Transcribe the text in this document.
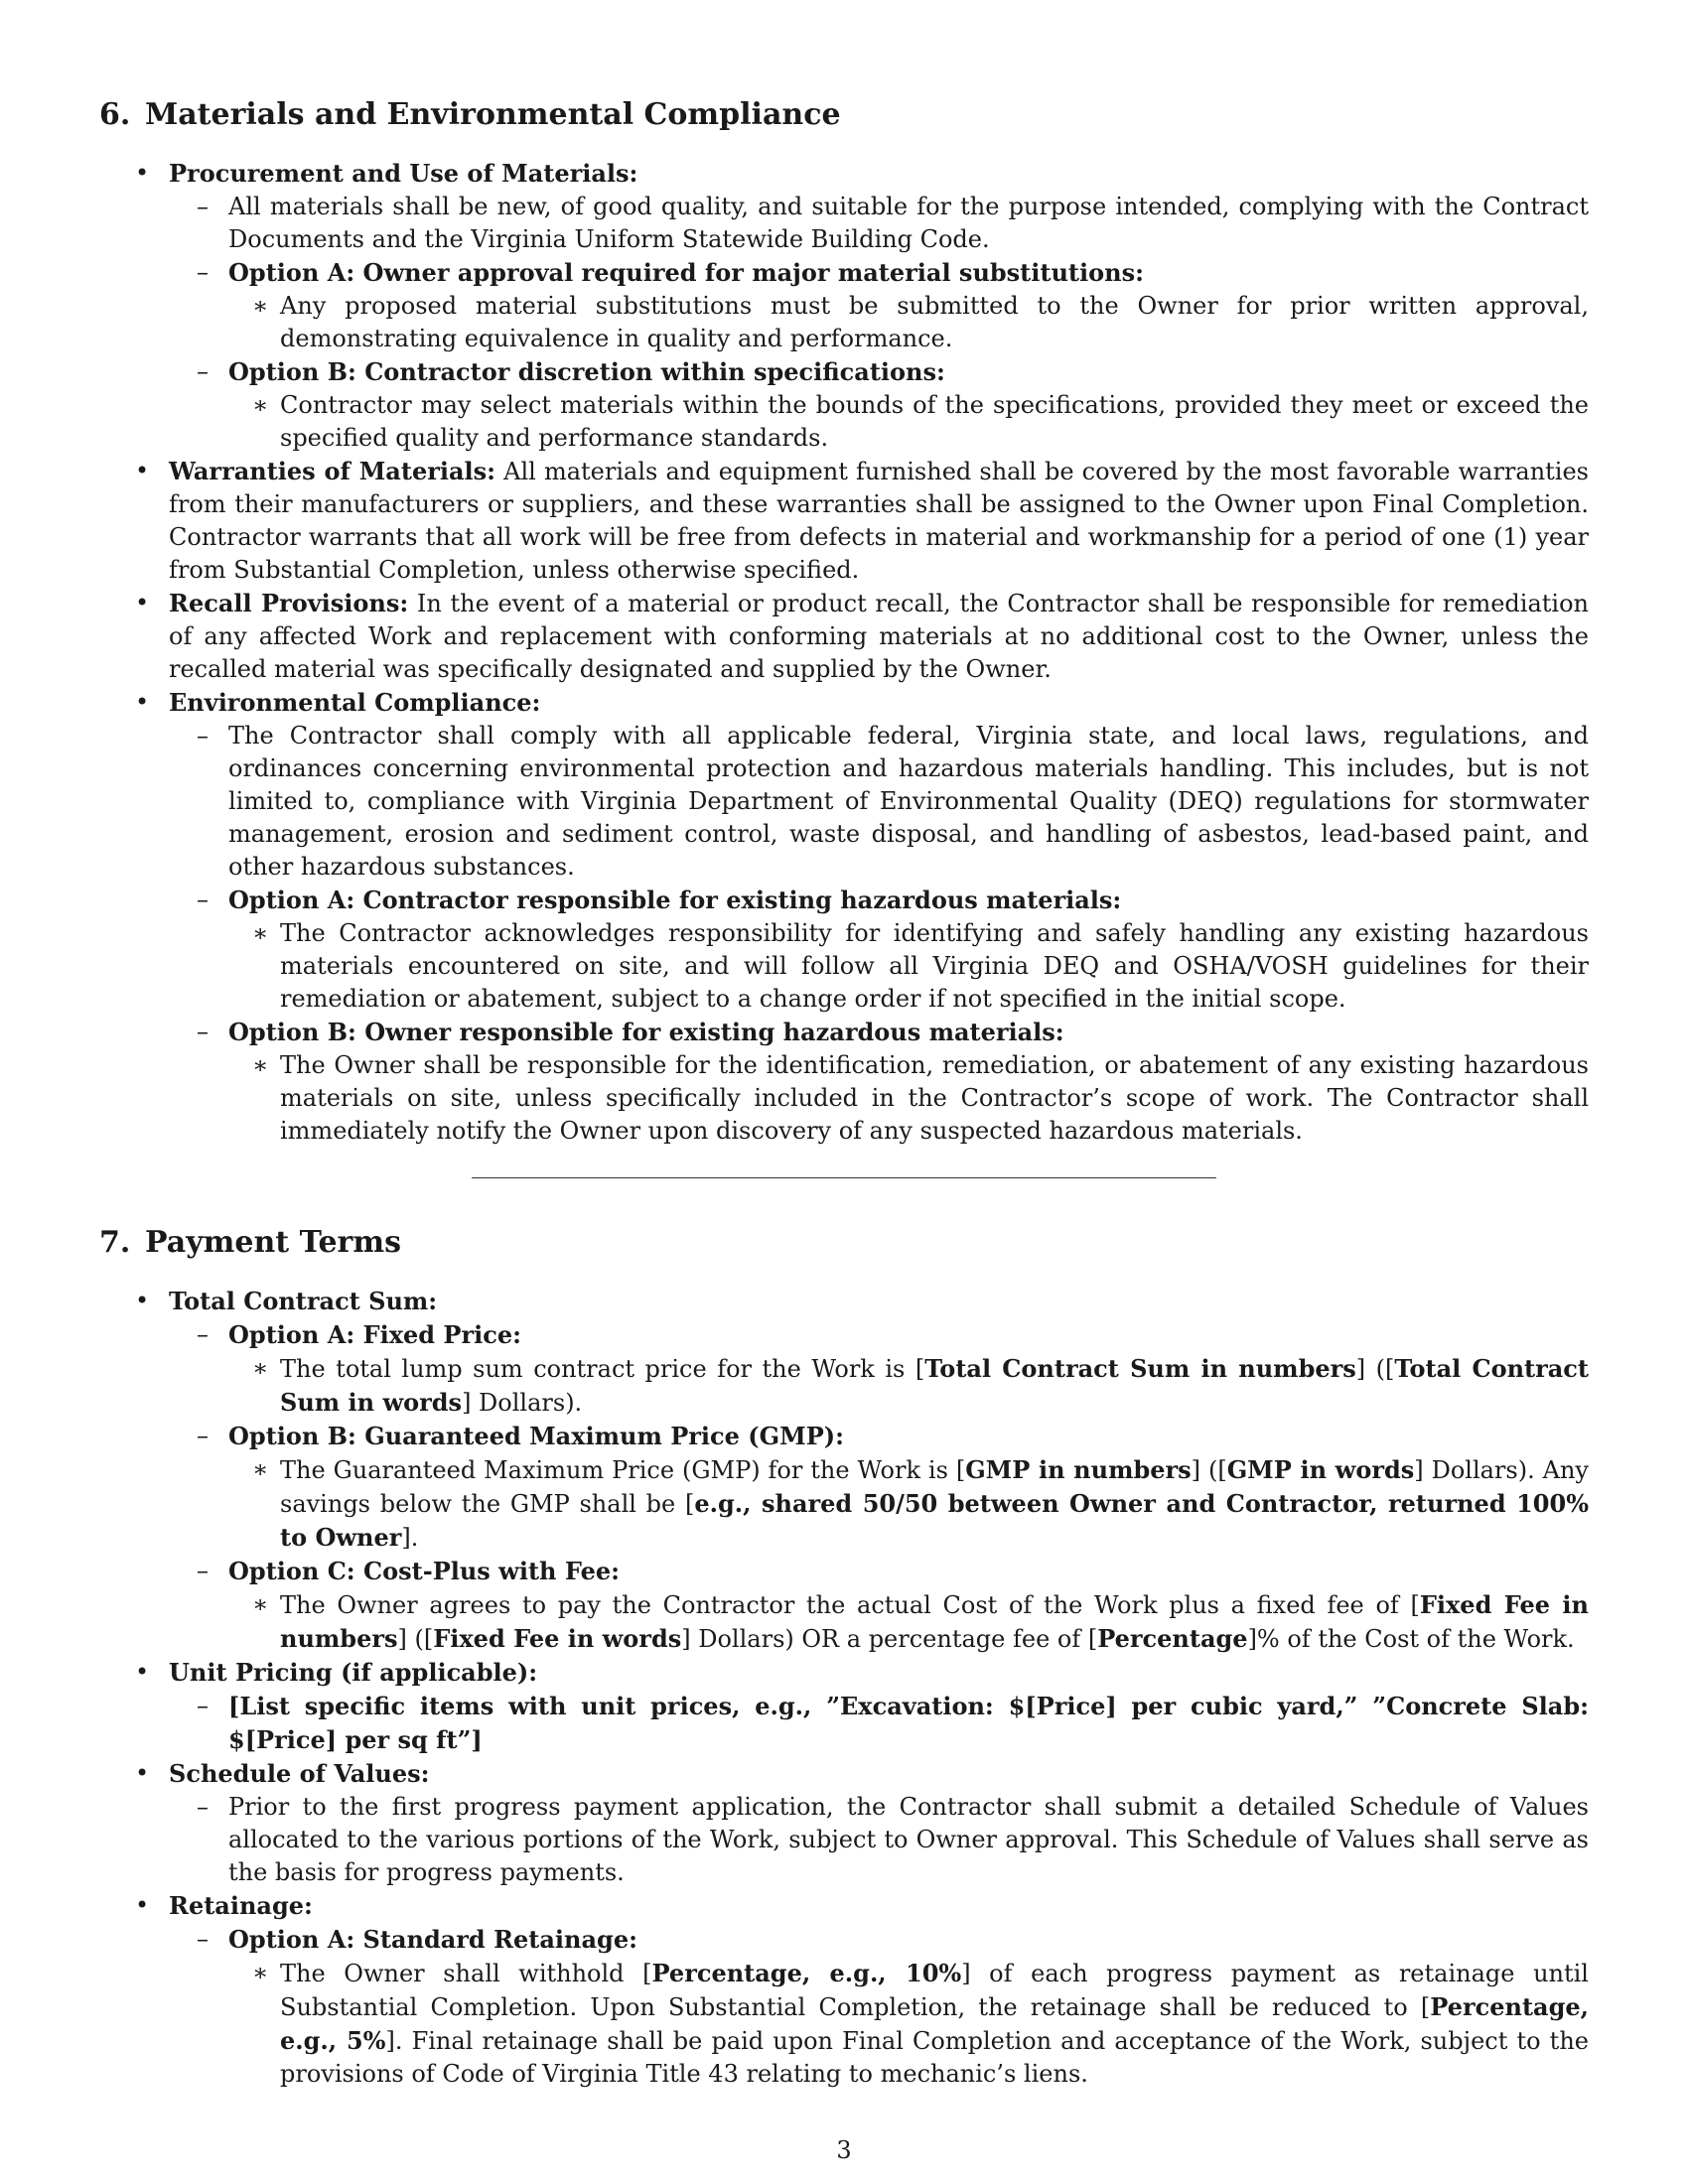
6. Materials and Environmental Compliance
• Procurement and Use of Materials:
– All materials shall be new, of good quality, and suitable for the purpose intended, complying with the Contract Documents and the Virginia Uniform Statewide Building Code.
– Option A: Owner approval required for major material substitutions:
∗ Any proposed material substitutions must be submitted to the Owner for prior written approval, demonstrating equivalence in quality and performance.
– Option B: Contractor discretion within specifications:
∗ Contractor may select materials within the bounds of the specifications, provided they meet or exceed the specified quality and performance standards.
• Warranties of Materials: All materials and equipment furnished shall be covered by the most favorable warranties from their manufacturers or suppliers, and these warranties shall be assigned to the Owner upon Final Completion. Contractor warrants that all work will be free from defects in material and workmanship for a period of one (1) year from Substantial Completion, unless otherwise specified.
• Recall Provisions: In the event of a material or product recall, the Contractor shall be responsible for remediation of any affected Work and replacement with conforming materials at no additional cost to the Owner, unless the recalled material was specifically designated and supplied by the Owner.
• Environmental Compliance:
– The Contractor shall comply with all applicable federal, Virginia state, and local laws, regulations, and ordinances concerning environmental protection and hazardous materials handling. This includes, but is not limited to, compliance with Virginia Department of Environmental Quality (DEQ) regulations for stormwater management, erosion and sediment control, waste disposal, and handling of asbestos, lead-based paint, and other hazardous substances.
– Option A: Contractor responsible for existing hazardous materials:
∗ The Contractor acknowledges responsibility for identifying and safely handling any existing hazardous materials encountered on site, and will follow all Virginia DEQ and OSHA/VOSH guidelines for their remediation or abatement, subject to a change order if not specified in the initial scope.
– Option B: Owner responsible for existing hazardous materials:
∗ The Owner shall be responsible for the identification, remediation, or abatement of any existing hazardous materials on site, unless specifically included in the Contractor’s scope of work. The Contractor shall immediately notify the Owner upon discovery of any suspected hazardous materials.
7. Payment Terms
• Total Contract Sum:
– Option A: Fixed Price:
∗ The total lump sum contract price for the Work is [Total Contract Sum in numbers] ([Total Contract Sum in words] Dollars).
– Option B: Guaranteed Maximum Price (GMP):
∗ The Guaranteed Maximum Price (GMP) for the Work is [GMP in numbers] ([GMP in words] Dollars). Any savings below the GMP shall be [e.g., shared 50/50 between Owner and Contractor, returned 100% to Owner].
– Option C: Cost-Plus with Fee:
∗ The Owner agrees to pay the Contractor the actual Cost of the Work plus a fixed fee of [Fixed Fee in numbers] ([Fixed Fee in words] Dollars) OR a percentage fee of [Percentage]% of the Cost of the Work.
• Unit Pricing (if applicable):
– [List specific items with unit prices, e.g., ”Excavation: $[Price] per cubic yard,” ”Concrete Slab: $[Price] per sq ft”]
• Schedule of Values:
– Prior to the first progress payment application, the Contractor shall submit a detailed Schedule of Values allocated to the various portions of the Work, subject to Owner approval. This Schedule of Values shall serve as the basis for progress payments.
• Retainage:
– Option A: Standard Retainage:
∗ The Owner shall withhold [Percentage, e.g., 10%] of each progress payment as retainage until Substantial Completion. Upon Substantial Completion, the retainage shall be reduced to [Percentage, e.g., 5%]. Final retainage shall be paid upon Final Completion and acceptance of the Work, subject to the provisions of Code of Virginia Title 43 relating to mechanic’s liens.
3
